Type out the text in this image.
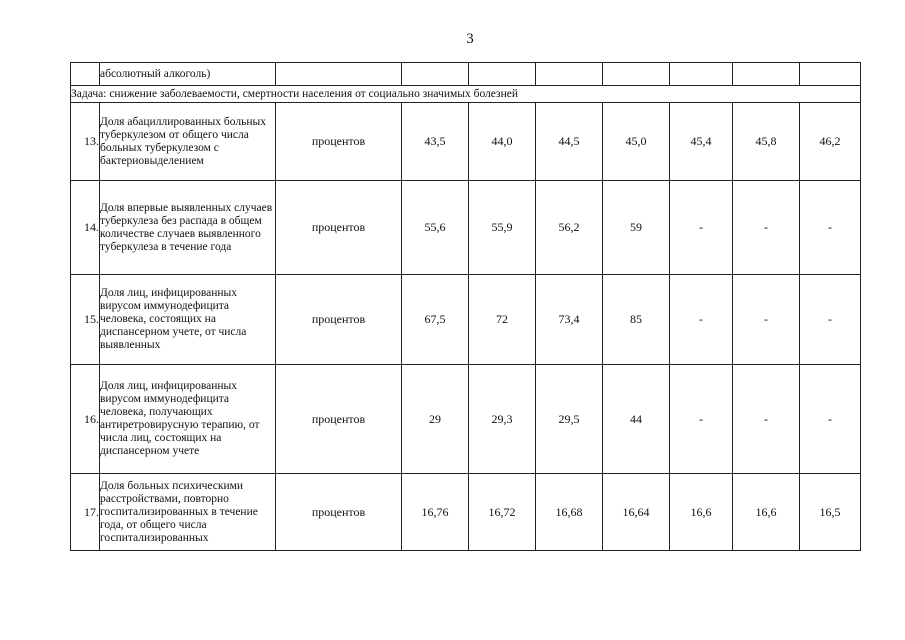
3
	абсолютный алкоголь)								
Задача: снижение заболеваемости, смертности населения от социально значимых болезней									
13.	Доля абациллированных больных туберкулезом от общего числа больных туберкулезом с бактериовыделением	процентов	43,5	44,0	44,5	45,0	45,4	45,8	46,2
14.	Доля впервые выявленных случаев туберкулеза без распада в общем количестве случаев выявленного туберкулеза в течение года	процентов	55,6	55,9	56,2	59	-	-	-
15.	Доля лиц, инфицированных вирусом иммунодефицита человека, состоящих на диспансерном учете, от числа выявленных	процентов	67,5	72	73,4	85	-	-	-
16.	Доля лиц, инфицированных вирусом иммунодефицита человека, получающих антиретровирусную терапию, от числа лиц, состоящих на диспансерном учете	процентов	29	29,3	29,5	44	-	-	-
17.	Доля больных психическими расстройствами, повторно госпитализированных в течение года, от общего числа госпитализированных	процентов	16,76	16,72	16,68	16,64	16,6	16,6	16,5
